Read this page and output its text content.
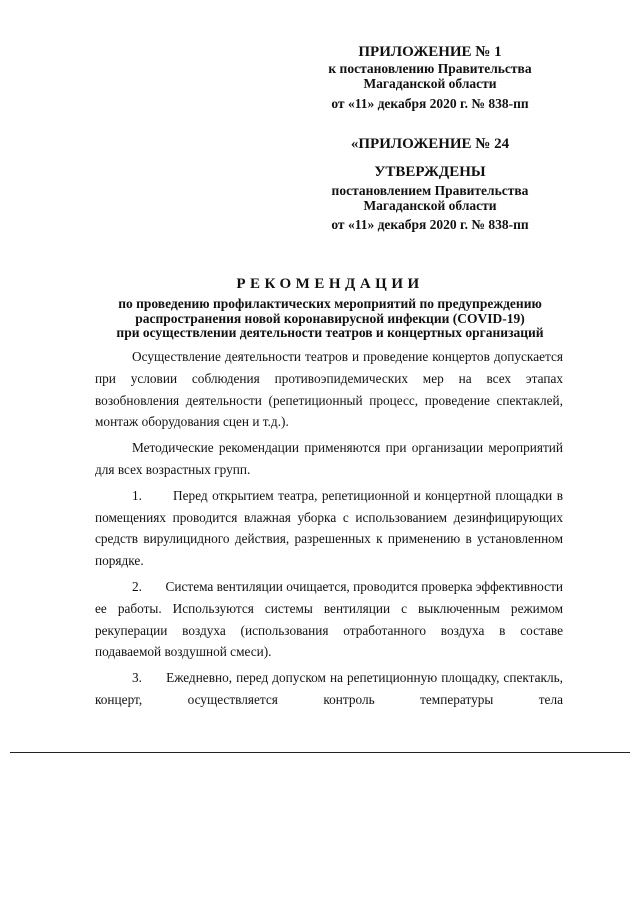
ПРИЛОЖЕНИЕ № 1
к постановлению Правительства
Магаданской области
от «11» декабря 2020 г. № 838-пп
«ПРИЛОЖЕНИЕ № 24
УТВЕРЖДЕНЫ
постановлением Правительства
Магаданской области
от «11» декабря 2020 г. № 838-пп
РЕКОМЕНДАЦИИ
по проведению профилактических мероприятий по предупреждению
распространения новой коронавирусной инфекции (COVID-19)
при осуществлении деятельности театров и концертных организаций

Осуществление деятельности театров и проведение концертов допускается при условии соблюдения противоэпидемических мер на всех этапах возобновления деятельности (репетиционный процесс, проведение спектаклей, монтаж оборудования сцен и т.д.).

Методические рекомендации применяются при организации мероприятий для всех возрастных групп.

1.       Перед открытием театра, репетиционной и концертной площадки в помещениях проводится влажная уборка с использованием дезинфицирующих средств вирулицидного действия, разрешенных к применению в установленном порядке.

2.       Система вентиляции очищается, проводится проверка эффективности ее работы. Используются системы вентиляции с выключенным режимом рекуперации воздуха (использования отработанного воздуха в составе подаваемой воздушной смеси).

3.      Ежедневно, перед допуском на репетиционную площадку, спектакль, концерт, осуществляется контроль температуры тела
